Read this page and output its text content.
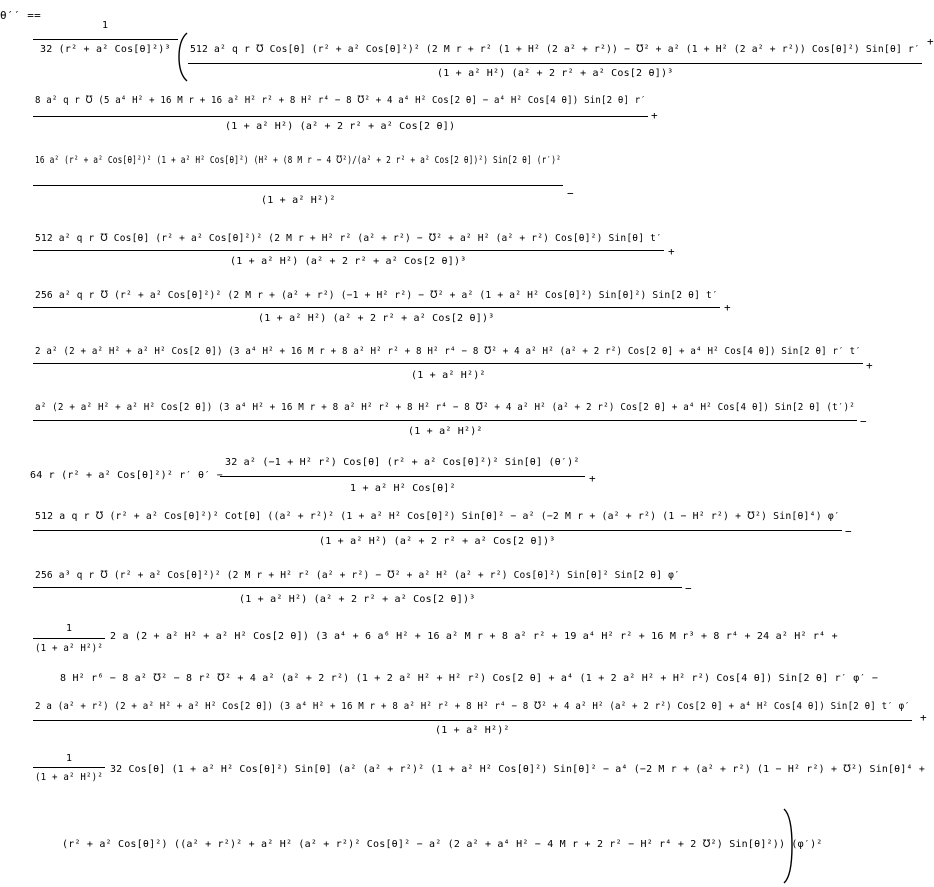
θ′′ ==
1
32 (r² + a² Cos[θ]²)³ 512 a² q r ℧ Cos[θ] (r² + a² Cos[θ]²)² (2 M r + r² (1 + H² (2 a² + r²)) − ℧² + a² (1 + H² (2 a² + r²)) Cos[θ]²) Sin[θ] r′
(1 + a² H²) (a² + 2 r² + a² Cos[2 θ])³
+
8 a² q r ℧ (5 a⁴ H² + 16 M r + 16 a² H² r² + 8 H² r⁴ − 8 ℧² + 4 a⁴ H² Cos[2 θ] − a⁴ H² Cos[4 θ]) Sin[2 θ] r′
(1 + a² H²) (a² + 2 r² + a² Cos[2 θ])
+
16 a² (r² + a² Cos[θ]²)² (1 + a² H² Cos[θ]²) (H² + (8 M r − 4 ℧²)/(a² + 2 r² + a² Cos[2 θ])²) Sin[2 θ] (r′)²
(1 + a² H²)²
−
512 a² q r ℧ Cos[θ] (r² + a² Cos[θ]²)² (2 M r + H² r² (a² + r²) − ℧² + a² H² (a² + r²) Cos[θ]²) Sin[θ] t′
(1 + a² H²) (a² + 2 r² + a² Cos[2 θ])³
+
256 a² q r ℧ (r² + a² Cos[θ]²)² (2 M r + (a² + r²) (−1 + H² r²) − ℧² + a² (1 + a² H² Cos[θ]²) Sin[θ]²) Sin[2 θ] t′
(1 + a² H²) (a² + 2 r² + a² Cos[2 θ])³
+
2 a² (2 + a² H² + a² H² Cos[2 θ]) (3 a⁴ H² + 16 M r + 8 a² H² r² + 8 H² r⁴ − 8 ℧² + 4 a² H² (a² + 2 r²) Cos[2 θ] + a⁴ H² Cos[4 θ]) Sin[2 θ] r′ t′
(1 + a² H²)²
+
a² (2 + a² H² + a² H² Cos[2 θ]) (3 a⁴ H² + 16 M r + 8 a² H² r² + 8 H² r⁴ − 8 ℧² + 4 a² H² (a² + 2 r²) Cos[2 θ] + a⁴ H² Cos[4 θ]) Sin[2 θ] (t′)²
(1 + a² H²)²
−
32 a² (−1 + H² r²) Cos[θ] (r² + a² Cos[θ]²)² Sin[θ] (θ′)²
1 + a² H² Cos[θ]²
+
64 r (r² + a² Cos[θ]²)² r′ θ′ −
512 a q r ℧ (r² + a² Cos[θ]²)² Cot[θ] ((a² + r²)² (1 + a² H² Cos[θ]²) Sin[θ]² − a² (−2 M r + (a² + r²) (1 − H² r²) + ℧²) Sin[θ]⁴) φ′
(1 + a² H²) (a² + 2 r² + a² Cos[2 θ])³
−
256 a³ q r ℧ (r² + a² Cos[θ]²)² (2 M r + H² r² (a² + r²) − ℧² + a² H² (a² + r²) Cos[θ]²) Sin[θ]² Sin[2 θ] φ′
(1 + a² H²) (a² + 2 r² + a² Cos[2 θ])³
−
1
(1 + a² H²)²
2 a (2 + a² H² + a² H² Cos[2 θ]) (3 a⁴ + 6 a⁶ H² + 16 a² M r + 8 a² r² + 19 a⁴ H² r² + 16 M r³ + 8 r⁴ + 24 a² H² r⁴ +
8 H² r⁶ − 8 a² ℧² − 8 r² ℧² + 4 a² (a² + 2 r²) (1 + 2 a² H² + H² r²) Cos[2 θ] + a⁴ (1 + 2 a² H² + H² r²) Cos[4 θ]) Sin[2 θ] r′ φ′ −
2 a (a² + r²) (2 + a² H² + a² H² Cos[2 θ]) (3 a⁴ H² + 16 M r + 8 a² H² r² + 8 H² r⁴ − 8 ℧² + 4 a² H² (a² + 2 r²) Cos[2 θ] + a⁴ H² Cos[4 θ]) Sin[2 θ] t′ φ′
(1 + a² H²)²
+
1
(1 + a² H²)²
32 Cos[θ] (1 + a² H² Cos[θ]²) Sin[θ] (a² (a² + r²)² (1 + a² H² Cos[θ]²) Sin[θ]² − a⁴ (−2 M r + (a² + r²) (1 − H² r²) + ℧²) Sin[θ]⁴ +
(r² + a² Cos[θ]²) ((a² + r²)² + a² H² (a² + r²)² Cos[θ]² − a² (2 a² + a⁴ H² − 4 M r + 2 r² − H² r⁴ + 2 ℧²) Sin[θ]²)) (φ′)²
